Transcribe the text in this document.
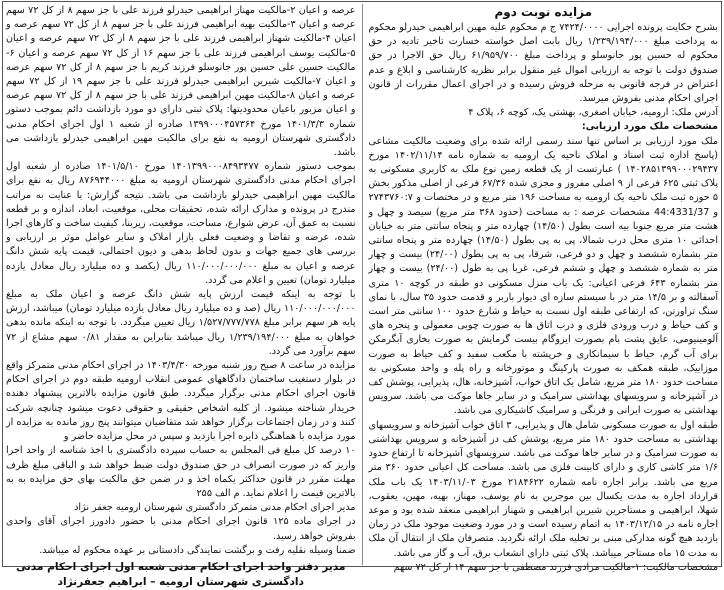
مزایده نوبت دوم

بشرح حکایت پرونده اجرایی ۷۴۲۴/۰۰۰۰ ج م محکوم علیه مهین ابراهیمی حیدرلو محکوم به پرداخت مبلغ ۱/۲۳۹/۱۹۴/۰۰۰ ریال بابت اصل خواسته خسارت تاخیر تادیه در حق محکوم له حسین پور جانوسلو و پرداخت مبلغ ۶۱/۹۵۹/۷۰۰ ریال حق الاجرا در حق صندوق دولت با توجه به ارزیابی اموال غیر منقول برابر نظریه کارشناسی و ابلاغ و عدم اعتراض در فرجه قانونی به مرحله فروش رسیده و در اجرای اعمال مقررات از قانون اجرای احکام مدنی بفروش میرسد.

آدرس ملک: ارومیه، خیابان اصغری، بهشتی یک، کوچه ۶، پلاک ۴

مشخصات ملک مورد ارزیابی:

ملک مورد ارزیابی بر اساس تنها سند رسمی ارائه شده برای وضعیت مالکیت مشاعی (پاسخ اداره ثبت اسناد و املاک ناحیه یک ارومیه به شماره نامه ۱۴۰۲/۱۱/۱۴ مورخ ۱۴۰۲۸۵۱۳۹۹۰۰۰۲۹۴۳۷ ) عبارتست از یک قطعه زمین نوع ملک به کاربری مسکونی به پلاک ثبتی ۶۲۵ فرعی از ۹ اصلی مفروز و مجزی شده ۶۷/۳۶ فرعی از اصلی مذکور بخش ۵ حوزه ثبت ملک ناحیه یک ارومیه به مساحت ۱۹۶ متر مربع و در مختصات و ۲۷۴۳۷۶۰:۷ و 44:4331/37 مشخصات عرصه : به مساحت (حدود ۳۶۸ متر مربع) سیصد و چهل و هشت متر مربع جنوبا بیه است بطول (۱۴/۵۰) چهارده متر و پنجاه سانتی متر به خیابان احداثی ۱۰ متری محل درب شمالا، پی به پی بطول (۱۴/۵۰) چهارده متر و پنجاه سانتی متر بشماره ششصد و چهل و دو فرعی، شرقا، پی به پی بطول (۲۴/۰۰) بیست و چهار متر به شماره ششصد و چهل و ششم فرعی، غربا پی به طول (۲۴/۰۰) بیست و چهار متر بشماره ۶۴۳ فرعی اعیانی: یک باب منزل مسکونی دو طبقه در کوچه ۱۰ متری آسفالته و بر ۱۴/۵ متر در با سیستم سازه ای دیوار باربر و قدمت حدود ۳۵ سال، با نمای سنگ تراورتن، که ارتفاعی طبقه اول نسبت به حیاط و شارع حدود ۱۰۰ سانتی متر است و کف حیاط و درب ورودی فلزی و درب اتاق ها به صورت چوبی معمولی و پنجره های آلومینیومی، عایق پشت بام بصورت ایزوگام بیست گرمایش به صورت بخاری آبگرمکن برای آب گرم، حیاط با سیمانکاری و خرپشته با مکعب سفید و کف حیاط به صورت موزاییک، طبقه همکف به صورت پارکینگ و موتورخانه و راه پله و واحد مسکونی به مساحت حدود ۱۸۰ متر مربع، شامل یک اتاق خواب، آشپزخانه، هال، پذیرایی، پوشش کف در آشپزخانه و سرویسهای بهداشتی سرامیک و در سایر جاها موکت می باشد. سرویس بهداشتی به صورت ایرانی و فرنگی و سرامیک کاشیکاری می باشد.

طبقه اول به صورت مسکونی شامل هال و پذیرایی، ۳ اتاق خواب آشپزخانه و سرویسهای بهداشتی به مساحت حدود ۱۸۰ متر مربع، پوشش کف در آشپزخانه و سرویس بهداشتی به صورت سرامیک و در سایر جاها موکت می باشد. سرویسهای آشپزخانه تا ارتفاع حدود ۱/۶ متر کاشی کاری و دارای کابینت فلزی می باشد. مساحت کل اعیانی حدود ۳۶۰ متر مربع می باشد. برابر اجاره نامه شماره ۲۱۸۴۶۲۲ مورخ ۱۴۰۳/۱۱/۰۳ یک باب ملک قرارداد اجاره به مدت یکسال بین موجرین به نام یوسف، مهناز، بهیه، مهین، یعقوب، شهلا، ابراهیمی و مستاجرین شیرین ابراهیمی و شهناز ابراهیمی منعقد شده بود و موعد اجاره نامه در ۱۴۰۳/۱۲/۱۵ به اتمام رسیده است و در مورد وضعیت موجود ملک در زمان بازدید هیچ گونه مدارکی مبنی بر تخلیه ملک ارائه نگردید. متصرفان ملک از انتقال آن ملک به مدت ۱۵ ماه مستاجر میباشد. پلاک ثبتی دارای انشعاب برق، آب و گاز می باشد.

مشخصات مالکیت: ۱-مالکیت مرادی فرزند مصطفی با جز سهم ۱۴ از کل ۷۲ سهم

عرصه و اعیان ۲-مالکیت مهناز ابراهیمی حیدرلو فرزند علی با جز سهم ۸ از کل ۷۲ سهم عرصه و اعیان ۳-مالکیت بهیه ابراهیمی فرزند علی با جز سهم ۸ از کل ۷۲ سهم عرصه و اعیان ۴-مالکیت شهناز ابراهیمی فرزند علی با جز سهم ۸ از کل ۷۲ سهم عرصه و اعیان ۵-مالکیت یوسف ابراهیمی فرزند علی با جز سهم ۱۶ از کل ۷۲ سهم عرصه و اعیان ۶-مالکیت حسین علی حسین پور جانوسلو فرزند کریم با جز سهم ۸ از کل ۷۲ سهم عرصه و اعیان ۷-مالکیت شیرین ابراهیمی حیدرلو فرزند علی با جز سهم ۱۹ از کل ۷۲ سهم عرصه و اعیان ۸-مالکیت مهین ابراهیمی فرزند علی با جز سهم ۸ از کل ۷۲ سهم عرصه و اعیان مزبور باعیان محدودیتها: پلاک ثبتی دارای دو مورد بازداشت دائم بموجب دستور شماره ۱۴۰۱/۳/۳ مورخ ۱۳۹۹۰۰۰۴۵۷۳۶۴ صادره از شعبه ۱ اول اجرای احکام مدنی دادگستری شهرستان ارومیه به نفع برای مالکیت مهین ابراهیمی حیدرلو بازداشت می باشد.

بموجب دستور شماره ۱۴۰۱۳۹۹۰۰۰۸۴۹۳۴۷۷ مورخ ۱۴۰۱/۵/۱۰ صادره از شعبه اول اجرای احکام مدنی دادگستری شهرستان ارومیه به مبلغ ۸۷۶۹۴۴۰۰۰ ریال به نفع برای مالکیت مهین ابراهیمی حیدرلو بازداشت می باشد. نتیجه گزارش: با عنایت به مراتب مندرج در پرونده و مدارک ارائه شده، تحقیقات محلی، موقعیت، ابعاد، اندازه و بر قطعه نسبت به عمق آن، عرض شوارع، مساحت، موقعیت، زیربنا، کیفیت ساخت و کارهای اجرا شده، عرضه و تقاضا و وضعیت فعلی بازار املاک و سایر عوامل موثر بر ارزیابی و بررسی های جمیع جهات و بدون لحاظ بدهی و دیون احتمالی، قیمت پایه شش دانگ عرصه و اعیان به مبلغ ۱۱۰/۰۰۰/۰۰۰/۰۰۰ ریال (یکصد و ده میلیارد ریال معادل یازده میلیارد تومان) تعیین و اعلام می گردد.

با توجه به اینکه قیمت ارزش پایه شش دانگ عرصه و اعیان ملک به مبلغ ۱۱۰/۰۰۰/۰۰۰/۰۰۰ ریال (صد و ده میلیارد ریال معادل یازده میلیارد تومان) میباشد، ارزش پایه هر سهم برابر مبلغ ۱/۵۲۷/۷۷۷/۷۷۸ ریال تعیین میگردد. با توجه به اینکه مانده بدهی خواهان به مبلغ ۱/۲۳۹/۱۹۴/۰۰۰ ریال میباشد بنابراین به مقدار ۰/۸۱ سهم مشاع از ۷۲ سهم برآورد می گردد.

مزایده در ساعت ۸ صبح روز شنبه مورخه ۱۴۰۳/۴/۳۰ در اجرای احکام مدنی متمرکز واقع در بلوار دستغیب ساختمان دادگاههای عمومی انقلاب ارومیه طبقه دوم در اجرای احکام قانون اجرای احکام مدنی برگزار میگردد. طبق قانون مزایده بالاترین پیشنهاد دهنده خریدار شناخته میشود. از کلیه اشخاص حقیقی و حقوقی دعوت میشود چنانچه شرکت کنند و در زمان اجتماعات برگزار خواهد شد متقاضیان میتوانند پنج روز مانده به مزایده از مورد مزایده با هماهنگی دایره اجرا بازدید و سپس در محل مزایده حاضر و

۱۰ درصد کل مبلغ فی المجلس به حساب سپرده دادگستری با اخذ شناسه از واحد اجرا واریز که در صورت انصراف در حق صندوق دولت ضبط خواهد شد و الباقی مبلغ ظرف مهلت مقرر در قانون حداکثر یکماه اخذ و در ضمن حق مالکیت بهای حق مزایده به به بالاترین قیمت را اعلام نماید. م الف ۲۵۵

مدیر اجرای احکام مدنی متمرکز دادگستری شهرستان ارومیه جعفر نژاد

در اجرای ماده ۱۲۵ قانون اجرای احکام مدنی با حضور دادورز اجرای آقای واحدی بفروش خواهد رسید.

ضمنا وسیله نقلیه رفت و برگشت نمایندگی دادستانی بر عهده محکوم له میباشد.

مدیر دفتر واحد اجرای احکام مدنی شعبه اول اجرای احکام مدنی دادگستری شهرستان ارومیه – ابراهیم جعفرنژاد
